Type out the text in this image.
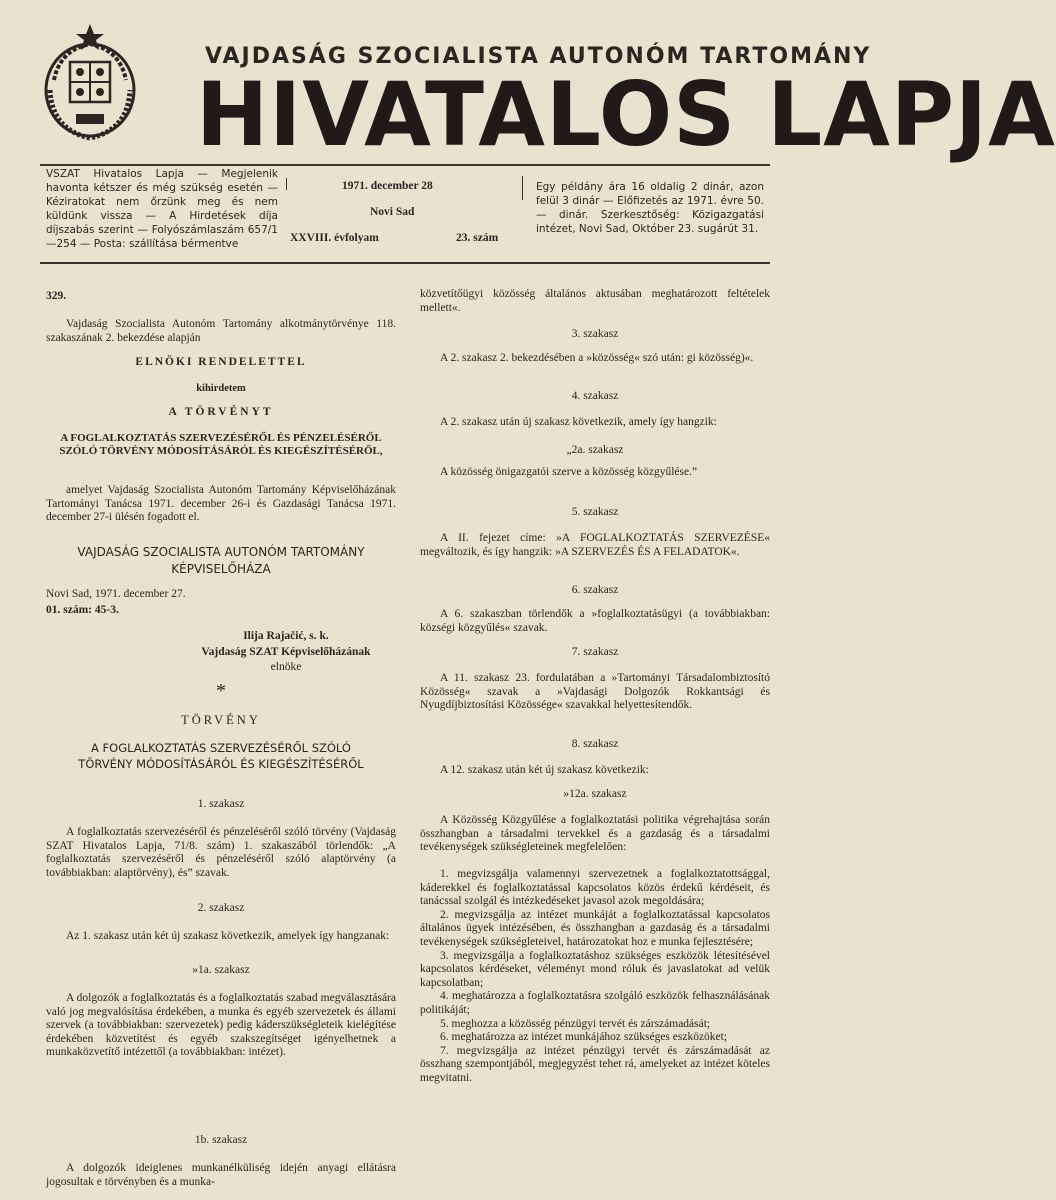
VAJDASÁG SZOCIALISTA AUTONÓM TARTOMÁNY
HIVATALOS LAPJA
VSZAT Hivatalos Lapja — Megjelenik havonta kétszer és még szükség esetén — Kéziratokat nem őrzünk meg és nem küldünk vissza — A Hirdetések díja díjszabás szerint — Folyószámlaszám 657/1—254 — Posta: szállítása bérmentve
1971. december 28
Novi Sad
XXVIII. évfolyam	23. szám
Egy példány ára 16 oldalig 2 dinár, azon felül 3 dinár — Előfizetés az 1971. évre 50.— dinár. Szerkesztőség: Közigazgatási intézet, Novi Sad, Október 23. sugárút 31.
329.

Vajdaság Szocialista Autonóm Tartomány alkotmánytörvénye 118. szakaszának 2. bekezdése alapján

ELNÖKI RENDELETTEL
kihirdetem
A TÖRVÉNYT

A FOGLALKOZTATÁS SZERVEZÉSÉRŐL ÉS PÉNZELÉSÉRŐL SZÓLÓ TÖRVÉNY MÓDOSÍTÁSÁRÓL ÉS KIEGÉSZÍTÉSÉRŐL,

amelyet Vajdaság Szocialista Autonóm Tartomány Képviselőházának Tartományi Tanácsa 1971. december 26-i és Gazdasági Tanácsa 1971. december 27-i ülésén fogadott el.

VAJDASÁG SZOCIALISTA AUTONÓM TARTOMÁNY KÉPVISELŐHÁZA

Novi Sad, 1971. december 27.
01. szám: 45-3.
Ilija Rajačić, s. k.
Vajdaság SZAT Képviselőházának
elnöke
*
TÖRVÉNY

A FOGLALKOZTATÁS SZERVEZÉSÉRŐL SZÓLÓ TÖRVÉNY MÓDOSÍTÁSÁRÓL ÉS KIEGÉSZÍTÉSÉRŐL

1. szakasz

A foglalkoztatás szervezéséről és pénzeléséről szóló törvény (Vajdaság SZAT Hivatalos Lapja, 71/8. szám) 1. szakaszából törlendők: „A foglalkoztatás szervezéséről és pénzeléséről szóló alaptörvény (a továbbiakban: alaptörvény), és” szavak.

2. szakasz

Az 1. szakasz után két új szakasz következik, amelyek így hangzanak:

»1a. szakasz

A dolgozók a foglalkoztatás és a foglalkoztatás szabad megválasztására való jog megvalósítása érdekében, a munka és egyéb szervezetek és állami szervek (a továbbiakban: szervezetek) pedig káderszükségleteik kielégítése érdekében közvetítést és egyéb szakszegítséget igényelhetnek a munkaközvetítő intézettől (a továbbiakban: intézet).

1b. szakasz

A dolgozók ideiglenes munkanélküliség idején anyagi ellátásra jogosultak e törvényben és a munka-

közvetítőügyi közösség általános aktusában meghatározott feltételek mellett«.

3. szakasz

A 2. szakasz 2. bekezdésében a »közösség« szó után: gi közösség)«.

4. szakasz

A 2. szakasz után új szakasz következik, amely így hangzik:

„2a. szakasz

A közösség önigazgatói szerve a közösség közgyűlése.”

5. szakasz

A II. fejezet címe: »A FOGLALKOZTATÁS SZERVEZÉSE« megváltozik, és így hangzik: »A SZERVEZÉS ÉS A FELADATOK«.

6. szakasz

A 6. szakaszban törlendők a »foglalkoztatásügyi (a továbbiakban: községi közgyűlés« szavak.

7. szakasz

A 11. szakasz 23. fordulatában a »Tartományi Társadalombiztosító Közösség« szavak a »Vajdasági Dolgozók Rokkantsági és Nyugdíjbiztosítási Közössége« szavakkal helyettesítendők.

8. szakasz

A 12. szakasz után két új szakasz következik:

»12a. szakasz

A Közösség Közgyűlése a foglalkoztatási politika végrehajtása során összhangban a társadalmi tervekkel és a gazdaság és a társadalmi tevékenységek szükségleteinek megfelelően:

1. megvizsgálja valamennyi szervezetnek a foglalkoztatottsággal, káderekkel és foglalkoztatással kapcsolatos közös érdekű kérdéseit, és tanácssal szolgál és intézkedéseket javasol azok megoldására;

2. megvizsgálja az intézet munkáját a foglalkoztatással kapcsolatos általános ügyek intézésében, és összhangban a gazdaság és a társadalmi tevékenységek szükségleteivel, határozatokat hoz e munka fejlesztésére;

3. megvizsgálja a foglalkoztatáshoz szükséges eszközök létesítésével kapcsolatos kérdéseket, véleményt mond róluk és javaslatokat ad velük kapcsolatban;

4. meghatározza a foglalkoztatásra szolgáló eszközök felhasználásának politikáját;

5. meghozza a közösség pénzügyi tervét és zárszámadását;

6. meghatározza az intézet munkájához szükséges eszközöket;

7. megvizsgálja az intézet pénzügyi tervét és zárszámadását az összhang szempontjából, megjegyzést tehet rá, amelyeket az intézet köteles megvitatni.
